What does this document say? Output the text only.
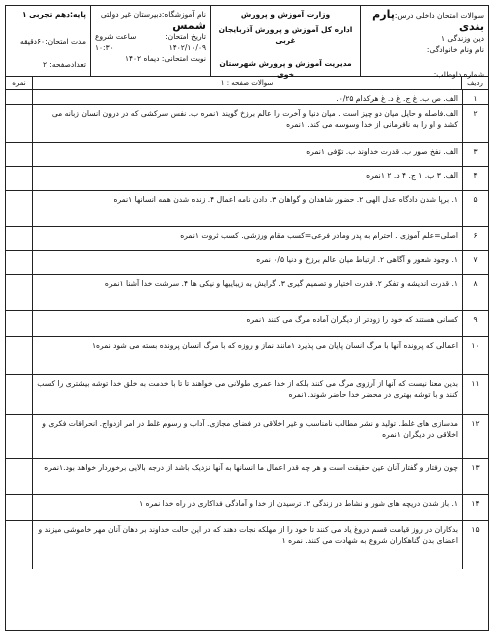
سوالات امتحان داخلی درس:پارم بندی
دین وزندگی ۱
نام ونام خانوادگی:
شماره داوطلب:
وزارت آموزش و پرورش
اداره کل آموزش و پرورش آذربایجان غربی
مدیریت آموزش و پرورش شهرستان خوی
نام آموزشگاه:دبیرستان غیر دولتی
شمس
تاریخ امتحان:
ساعت شروع
۱۴۰۲/۱۰/۰۹
۱۰:۳۰
نوبت امتحانی: دیماه ۱۴۰۲
پایه:دهم تجربی ۱
مدت امتحان:۶۰دقیقه
تعدادصفحه: ۲
ردیف
سوالات صفحه : ۱
نمره
۱
الف. ص ب. غ ج. غ د. غ هرکدام ۰/۲۵.
۲
الف.فاصله و حایل میان دو چیز است . میان دنیا و آخرت را عالم برزخ گویند ۱نمره ب. نفس سرکشی که در درون انسان زبانه می کشد و او را به نافرمانی از خدا وسوسه می کند. ۱نمره
۳
الف. نفخ صور ب. قدرت خداوند ب. توّفی ۱نمره
۴
الف. ۳ ب. ۱ ج. ۴ د. ۲ ۱نمره
۵
۱. برپا شدن دادگاه عدل الهی ۲. حضور شاهدان و گواهان ۳. دادن نامه اعمال ۴. زنده شدن همه انسانها ۱نمره
۶
اصلی=علم آموزی . احترام به پدر ومادر فرعی=کسب مقام ورزشی. کسب ثروت ۱نمره
۷
۱. وجود شعور و آگاهی ۲. ارتباط میان عالم برزخ و دنیا ۰/۵ نمره
۸
۱. قدرت اندیشه و تفکر ۲. قدرت اختیار و تصمیم گیری ۳. گرایش به زیباییها و نیکی ها ۴. سرشت خدا آشنا ۱نمره
۹
کسانی هستند که خود را زودتر از دیگران آماده مرگ می کنند ۱نمره
۱۰
اعمالی که پرونده آنها با مرگ انسان پایان می پذیرد ۱مانند نماز و روزه که با مرگ انسان پرونده بسته می شود نمره۱
۱۱
بدین معنا نیست که آنها از آرزوی مرگ می کنند بلکه از خدا عمری طولانی می خواهند تا تا با خدمت به خلق خدا توشه بیشتری را کسب کنند و با توشه بهتری در محضر خدا حاضر شوند.۱نمره
۱۲
مدسازی های غلط. تولید و نشر مطالب نامناسب و غیر اخلاقی در فضای مجازی. آداب و رسوم غلط در امر ازدواج. انحرافات فکری و اخلاقی در دیگران ۱نمره
۱۳
چون رفتار و گفتار آنان عین حقیقت است و هر چه قدر اعمال ما انسانها به آنها نزدیک باشد از درجه بالایی برخوردار خواهد بود.۱نمره
۱۴
۱. باز شدن دریچه های شور و نشاط در زندگی ۲. ترسیدن از خدا و آمادگی فداکاری در راه خدا نمره ۱
۱۵
بدکاران در روز قیامت قسم دروغ یاد می کنند تا خود را از مهلکه نجات دهند که در این حالت خداوند بر دهان آنان مهر خاموشی میزند و اعضای بدن گناهکاران شروع به شهادت می کنند. نمره ۱
